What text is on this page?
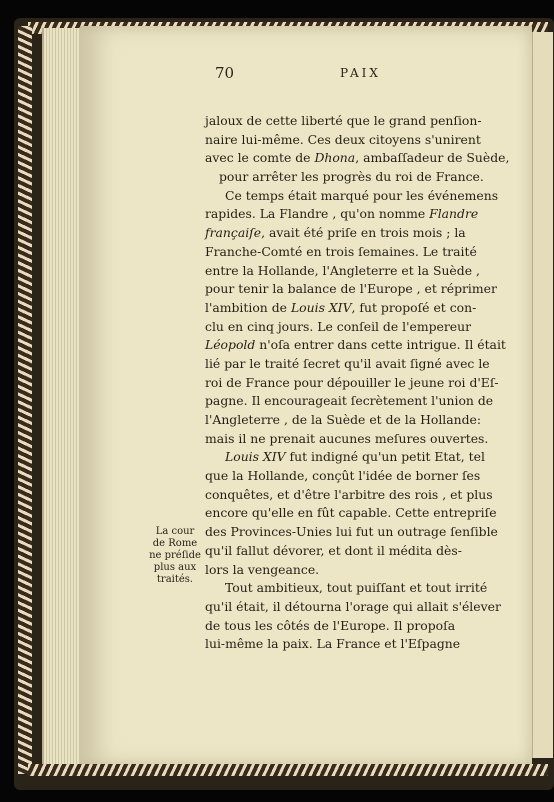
70	PAIX
jaloux de cette liberté que le grand penſion-
naire lui-même. Ces deux citoyens s'unirent
avec le comte de Dhona, ambaſſadeur de Suède,
pour arrêter les progrès du roi de France.
Ce temps était marqué pour les événemens
rapides. La Flandre , qu'on nomme Flandre
françaiſe, avait été priſe en trois mois ; la
Franche-Comté en trois ſemaines. Le traité
entre la Hollande, l'Angleterre et la Suède ,
pour tenir la balance de l'Europe , et réprimer
l'ambition de Louis XIV, fut propoſé et con-
clu en cinq jours. Le conſeil de l'empereur
Léopold n'oſa entrer dans cette intrigue. Il était
lié par le traité ſecret qu'il avait ſigné avec le
roi de France pour dépouiller le jeune roi d'Eſ-
pagne. Il encourageait ſecrètement l'union de
l'Angleterre , de la Suède et de la Hollande:
mais il ne prenait aucunes meſures ouvertes.
Louis XIV fut indigné qu'un petit Etat, tel
que la Hollande, conçût l'idée de borner ſes
conquêtes, et d'être l'arbitre des rois , et plus
encore qu'elle en fût capable. Cette entrepriſe
des Provinces-Unies lui fut un outrage ſenſible
qu'il fallut dévorer, et dont il médita dès-
lors la vengeance.
Tout ambitieux, tout puiſſant et tout irrité
qu'il était, il détourna l'orage qui allait s'élever
de tous les côtés de l'Europe. Il propoſa
lui-même la paix. La France et l'Eſpagne
La cour
de Rome
ne préſide
plus aux
traités.
